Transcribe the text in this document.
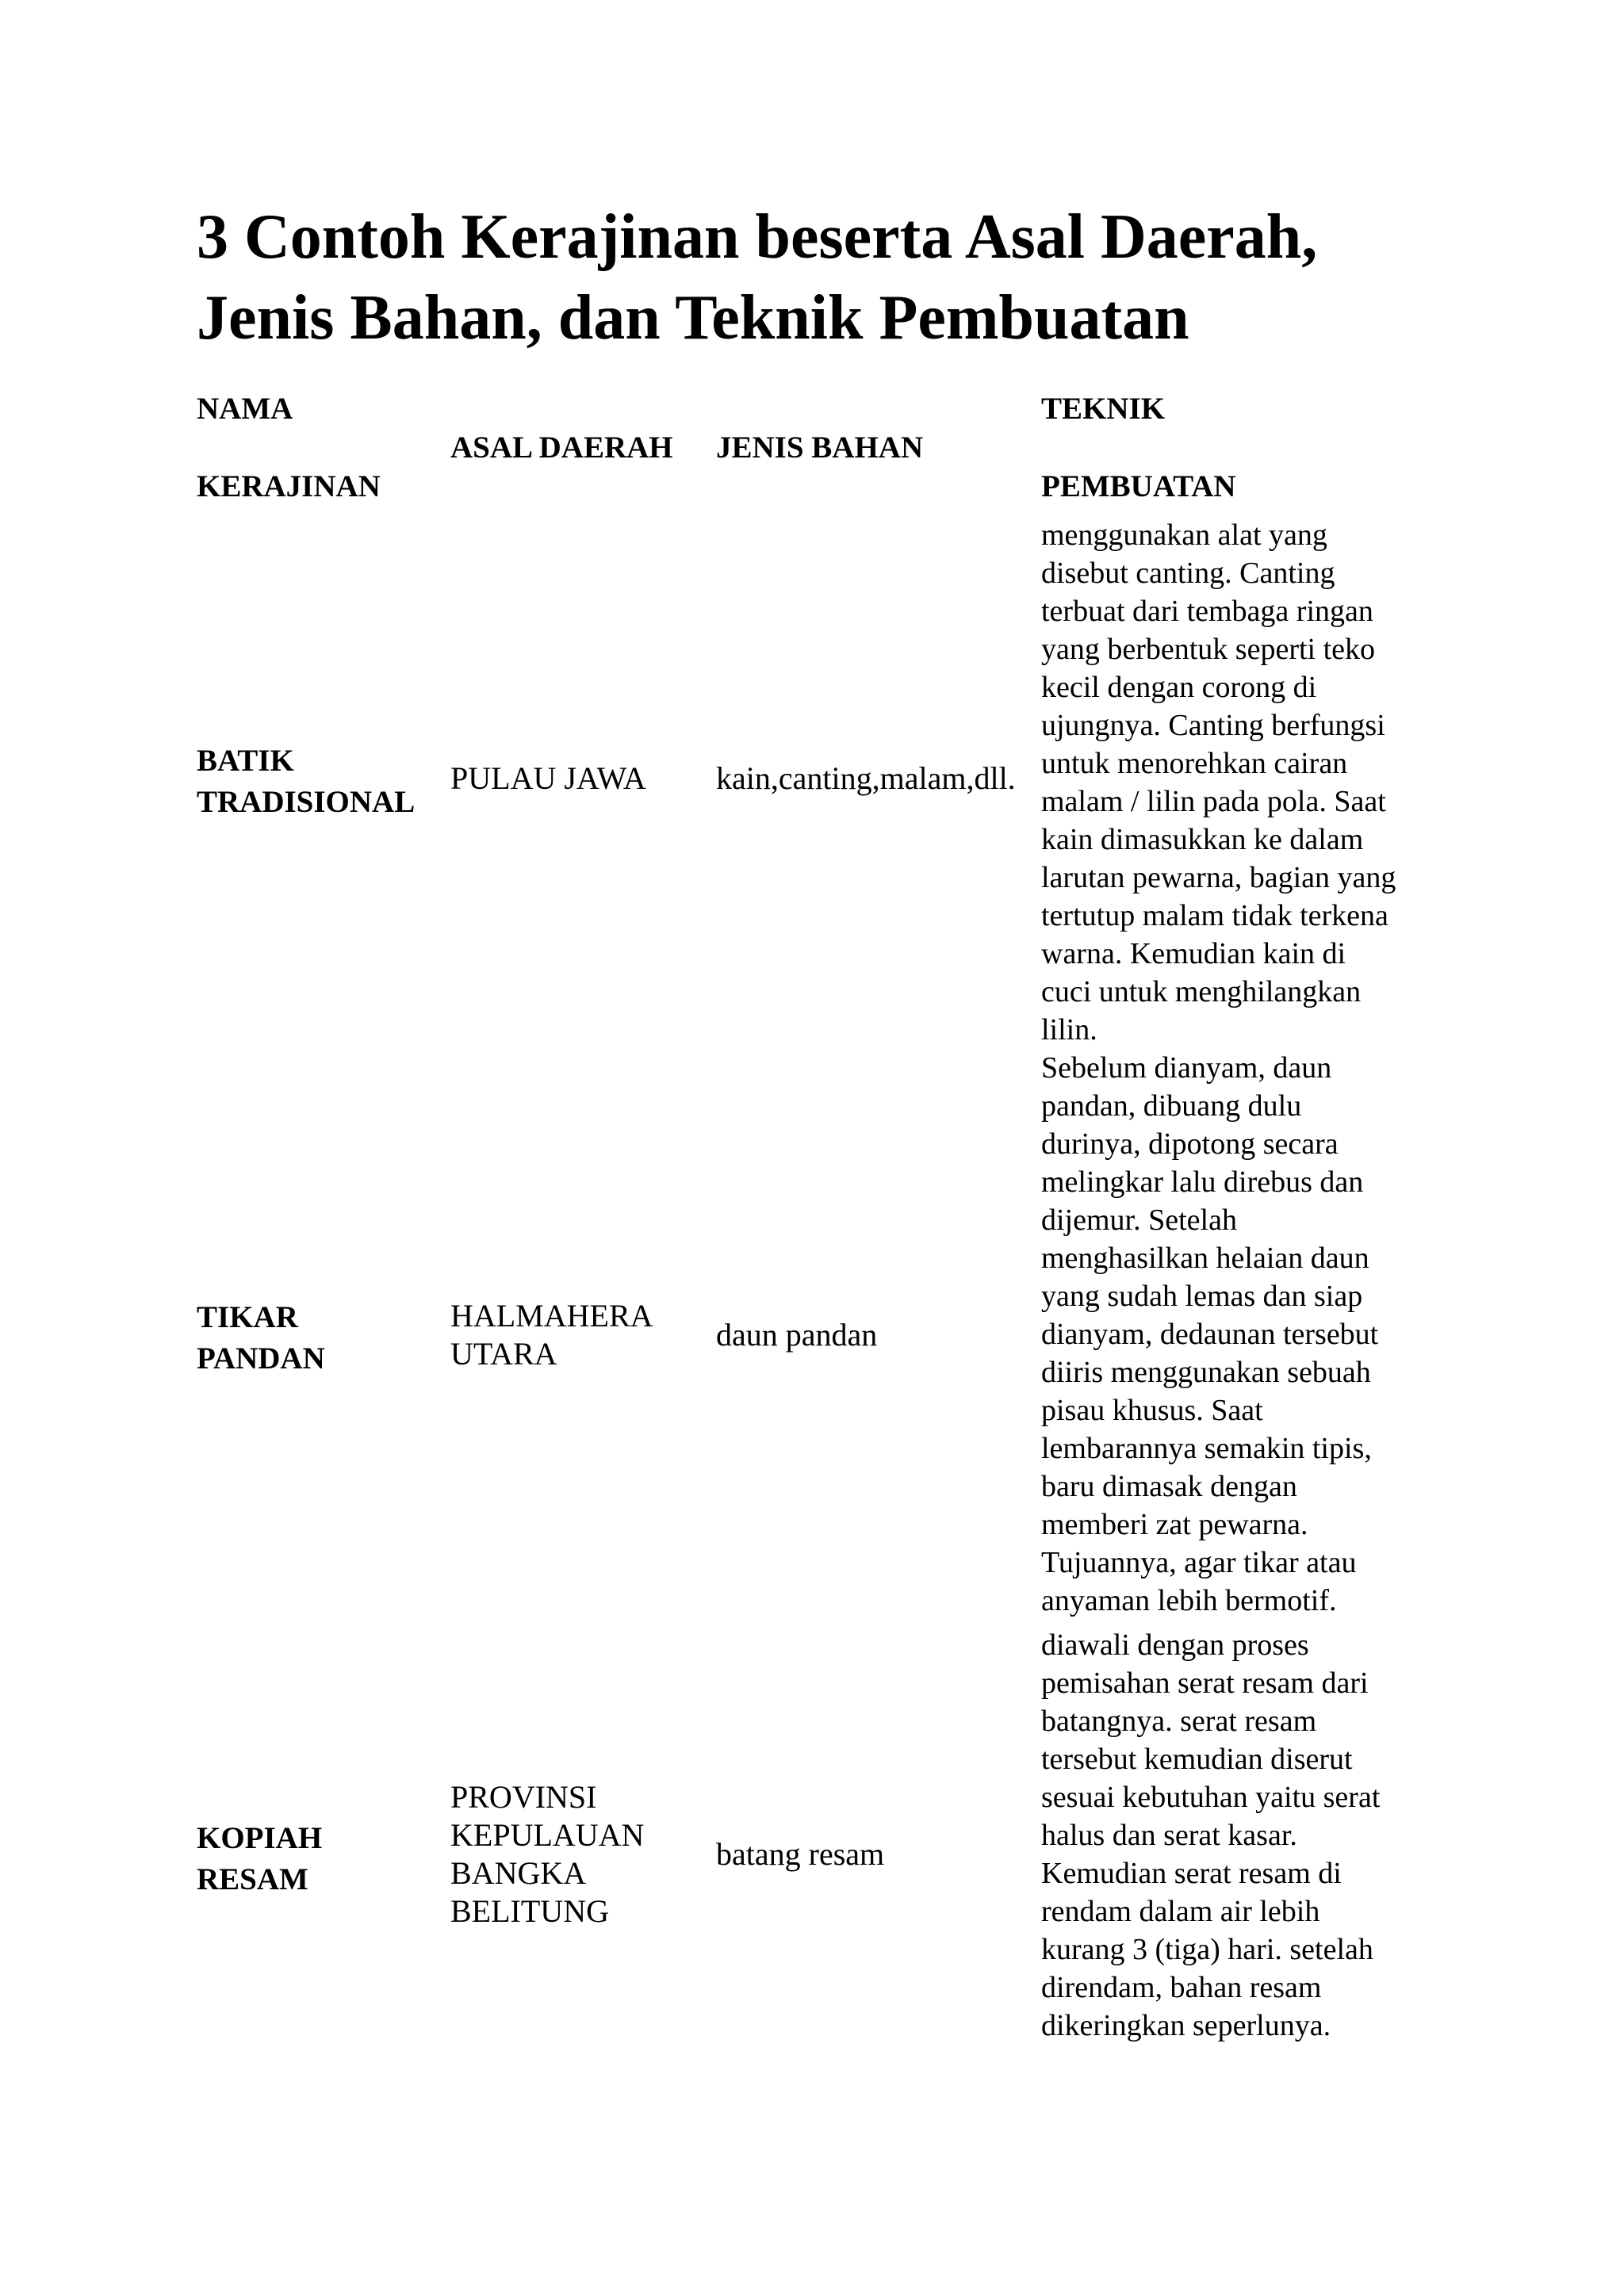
3 Contoh Kerajinan beserta Asal Daerah,
Jenis Bahan, dan Teknik Pembuatan
NAMA
KERAJINAN
ASAL DAERAH JENIS BAHAN
TEKNIK
PEMBUATAN
BATIK
TRADISIONAL
PULAU JAWA	kain,canting,malam,dll.
menggunakan alat yang
disebut canting. Canting
terbuat dari tembaga ringan
yang berbentuk seperti teko
kecil dengan corong di
ujungnya. Canting berfungsi
untuk menorehkan cairan
malam / lilin pada pola. Saat
kain dimasukkan ke dalam
larutan pewarna, bagian yang
tertutup malam tidak terkena
warna. Kemudian kain di
cuci untuk menghilangkan
lilin.
TIKAR
PANDAN
HALMAHERA
UTARA
daun pandan
Sebelum dianyam, daun
pandan, dibuang dulu
durinya, dipotong secara
melingkar lalu direbus dan
dijemur. Setelah
menghasilkan helaian daun
yang sudah lemas dan siap
dianyam, dedaunan tersebut
diiris menggunakan sebuah
pisau khusus. Saat
lembarannya semakin tipis,
baru dimasak dengan
memberi zat pewarna.
Tujuannya, agar tikar atau
anyaman lebih bermotif.
KOPIAH
RESAM
PROVINSI
KEPULAUAN
BANGKA
BELITUNG
batang resam
diawali dengan proses
pemisahan serat resam dari
batangnya. serat resam
tersebut kemudian diserut
sesuai kebutuhan yaitu serat
halus dan serat kasar.
Kemudian serat resam di
rendam dalam air lebih
kurang 3 (tiga) hari. setelah
direndam, bahan resam
dikeringkan seperlunya.
